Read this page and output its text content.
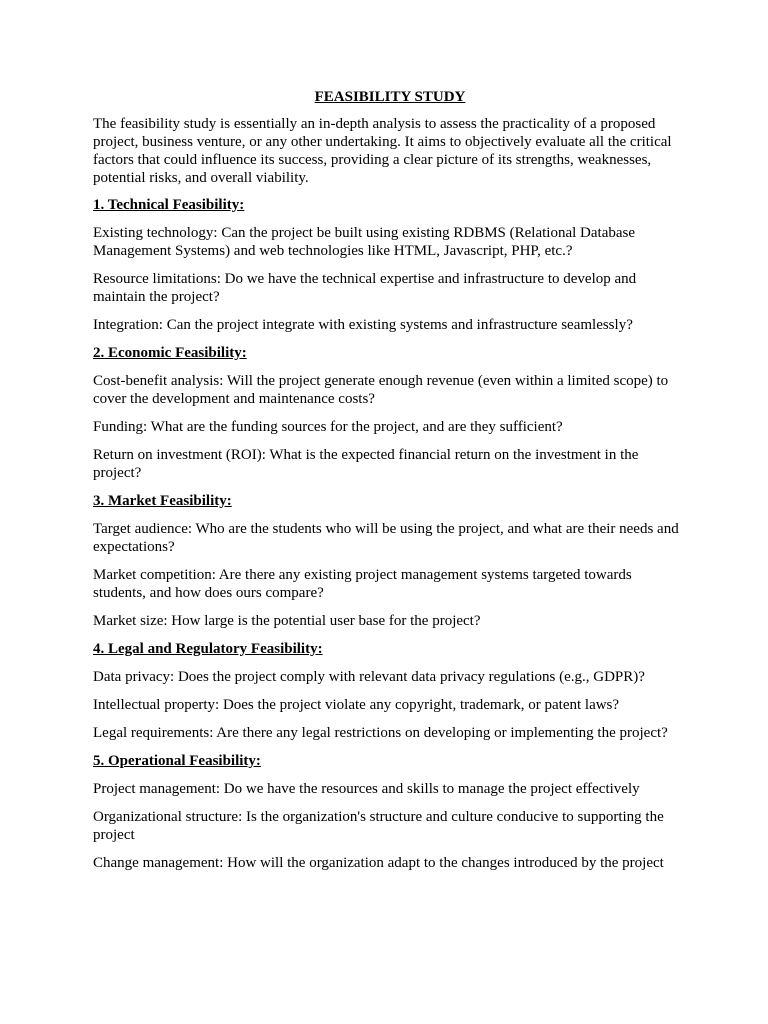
FEASIBILITY STUDY
The feasibility study is essentially an in-depth analysis to assess the practicality of a proposed project, business venture, or any other undertaking. It aims to objectively evaluate all the critical factors that could influence its success, providing a clear picture of its strengths, weaknesses, potential risks, and overall viability.
1. Technical Feasibility:
Existing technology: Can the project be built using existing RDBMS (Relational Database Management Systems) and web technologies like HTML, Javascript, PHP, etc.?
Resource limitations: Do we have the technical expertise and infrastructure to develop and maintain the project?
Integration: Can the project integrate with existing systems and infrastructure seamlessly?
2. Economic Feasibility:
Cost-benefit analysis: Will the project generate enough revenue (even within a limited scope) to cover the development and maintenance costs?
Funding: What are the funding sources for the project, and are they sufficient?
Return on investment (ROI): What is the expected financial return on the investment in the project?
3. Market Feasibility:
Target audience: Who are the students who will be using the project, and what are their needs and expectations?
Market competition: Are there any existing project management systems targeted towards students, and how does ours compare?
Market size: How large is the potential user base for the project?
4. Legal and Regulatory Feasibility:
Data privacy: Does the project comply with relevant data privacy regulations (e.g., GDPR)?
Intellectual property: Does the project violate any copyright, trademark, or patent laws?
Legal requirements: Are there any legal restrictions on developing or implementing the project?
5. Operational Feasibility:
Project management: Do we have the resources and skills to manage the project effectively
Organizational structure: Is the organization's structure and culture conducive to supporting the project
Change management: How will the organization adapt to the changes introduced by the project
